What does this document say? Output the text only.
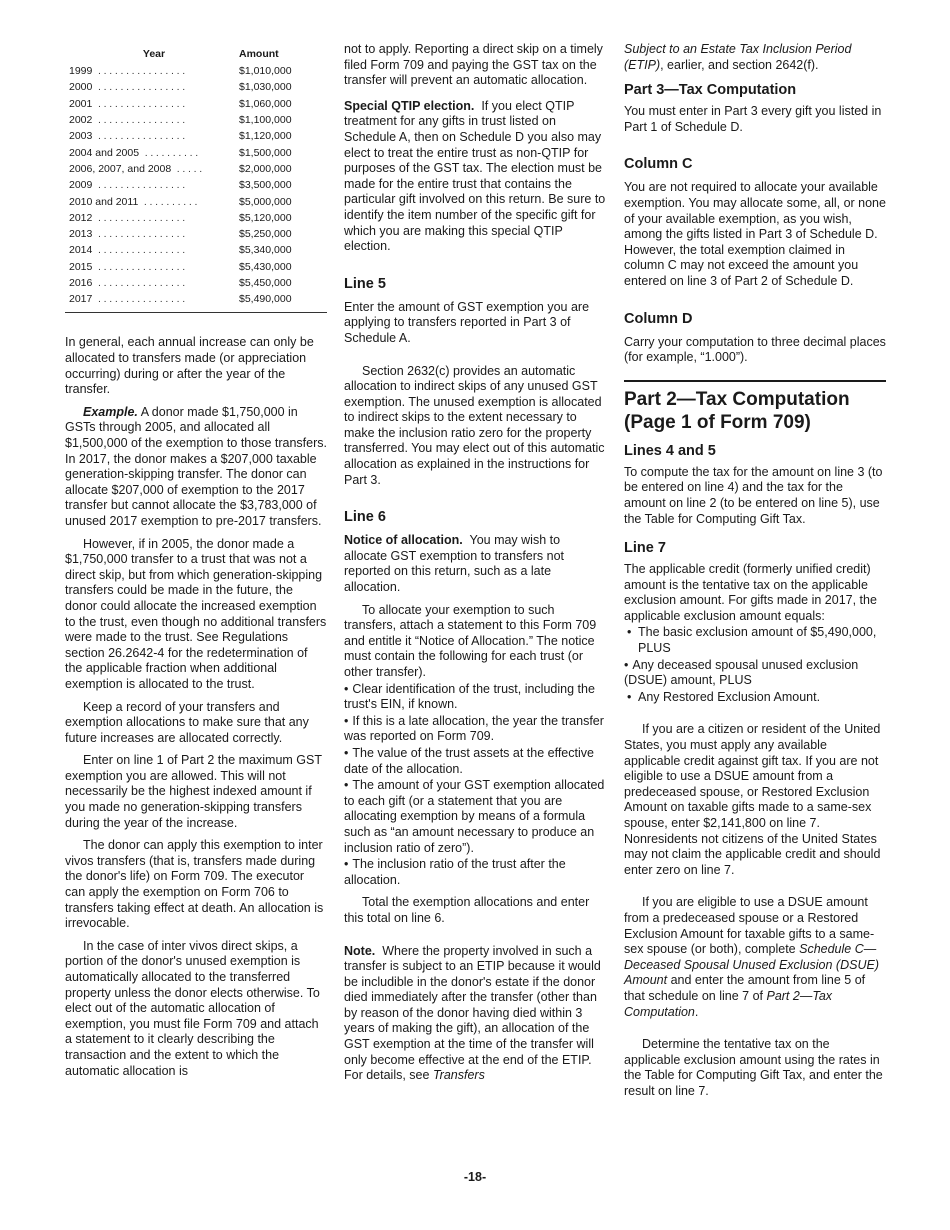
Year	Amount
1999 ................	$1,010,000
2000 ................	$1,030,000
2001 ................	$1,060,000
2002 ................	$1,100,000
2003 ................	$1,120,000
2004 and 2005 ..........	$1,500,000
2006, 2007, and 2008 .....	$2,000,000
2009 ................	$3,500,000
2010 and 2011 ..........	$5,000,000
2012 ................	$5,120,000
2013 ................	$5,250,000
2014 ................	$5,340,000
2015 ................	$5,430,000
2016 ................	$5,450,000
2017 ................	$5,490,000

In general, each annual increase can only be allocated to transfers made (or appreciation occurring) during or after the year of the transfer.

Example. A donor made $1,750,000 in GSTs through 2005, and allocated all $1,500,000 of the exemption to those transfers. In 2017, the donor makes a $207,000 taxable generation-skipping transfer. The donor can allocate $207,000 of exemption to the 2017 transfer but cannot allocate the $3,783,000 of unused 2017 exemption to pre-2017 transfers.

However, if in 2005, the donor made a $1,750,000 transfer to a trust that was not a direct skip, but from which generation-skipping transfers could be made in the future, the donor could allocate the increased exemption to the trust, even though no additional transfers were made to the trust. See Regulations section 26.2642-4 for the redetermination of the applicable fraction when additional exemption is allocated to the trust.

Keep a record of your transfers and exemption allocations to make sure that any future increases are allocated correctly.

Enter on line 1 of Part 2 the maximum GST exemption you are allowed. This will not necessarily be the highest indexed amount if you made no generation-skipping transfers during the year of the increase.

The donor can apply this exemption to inter vivos transfers (that is, transfers made during the donor's life) on Form 709. The executor can apply the exemption on Form 706 to transfers taking effect at death. An allocation is irrevocable.

In the case of inter vivos direct skips, a portion of the donor's unused exemption is automatically allocated to the transferred property unless the donor elects otherwise. To elect out of the automatic allocation of exemption, you must file Form 709 and attach a statement to it clearly describing the transaction and the extent to which the automatic allocation is

not to apply. Reporting a direct skip on a timely filed Form 709 and paying the GST tax on the transfer will prevent an automatic allocation.

Special QTIP election. If you elect QTIP treatment for any gifts in trust listed on Schedule A, then on Schedule D you also may elect to treat the entire trust as non-QTIP for purposes of the GST tax. The election must be made for the entire trust that contains the particular gift involved on this return. Be sure to identify the item number of the specific gift for which you are making this special QTIP election.

Line 5

Enter the amount of GST exemption you are applying to transfers reported in Part 3 of Schedule A.

Section 2632(c) provides an automatic allocation to indirect skips of any unused GST exemption. The unused exemption is allocated to indirect skips to the extent necessary to make the inclusion ratio zero for the property transferred. You may elect out of this automatic allocation as explained in the instructions for Part 3.

Line 6

Notice of allocation. You may wish to allocate GST exemption to transfers not reported on this return, such as a late allocation.

To allocate your exemption to such transfers, attach a statement to this Form 709 and entitle it “Notice of Allocation.” The notice must contain the following for each trust (or other transfer).

• Clear identification of the trust, including the trust's EIN, if known.
• If this is a late allocation, the year the transfer was reported on Form 709.
• The value of the trust assets at the effective date of the allocation.
• The amount of your GST exemption allocated to each gift (or a statement that you are allocating exemption by means of a formula such as “an amount necessary to produce an inclusion ratio of zero”).
• The inclusion ratio of the trust after the allocation.

Total the exemption allocations and enter this total on line 6.

Note. Where the property involved in such a transfer is subject to an ETIP because it would be includible in the donor's estate if the donor died immediately after the transfer (other than by reason of the donor having died within 3 years of making the gift), an allocation of the GST exemption at the time of the transfer will only become effective at the end of the ETIP. For details, see Transfers

Subject to an Estate Tax Inclusion Period (ETIP), earlier, and section 2642(f).

Part 3—Tax Computation

You must enter in Part 3 every gift you listed in Part 1 of Schedule D.

Column C

You are not required to allocate your available exemption. You may allocate some, all, or none of your available exemption, as you wish, among the gifts listed in Part 3 of Schedule D. However, the total exemption claimed in column C may not exceed the amount you entered on line 3 of Part 2 of Schedule D.

Column D

Carry your computation to three decimal places (for example, “1.000”).

Part 2—Tax Computation
(Page 1 of Form 709)
Lines 4 and 5

To compute the tax for the amount on line 3 (to be entered on line 4) and the tax for the amount on line 2 (to be entered on line 5), use the Table for Computing Gift Tax.

Line 7

The applicable credit (formerly unified credit) amount is the tentative tax on the applicable exclusion amount. For gifts made in 2017, the applicable exclusion amount equals:

• The basic exclusion amount of $5,490,000, PLUS
• Any deceased spousal unused exclusion (DSUE) amount, PLUS
• Any Restored Exclusion Amount.

If you are a citizen or resident of the United States, you must apply any available applicable credit against gift tax. If you are not eligible to use a DSUE amount from a predeceased spouse, or Restored Exclusion Amount on taxable gifts made to a same-sex spouse, enter $2,141,800 on line 7. Nonresidents not citizens of the United States may not claim the applicable credit and should enter zero on line 7.

If you are eligible to use a DSUE amount from a predeceased spouse or a Restored Exclusion Amount for taxable gifts to a same-sex spouse (or both), complete Schedule C—Deceased Spousal Unused Exclusion (DSUE) Amount and enter the amount from line 5 of that schedule on line 7 of Part 2—Tax Computation.

Determine the tentative tax on the applicable exclusion amount using the rates in the Table for Computing Gift Tax, and enter the result on line 7.

-18-
